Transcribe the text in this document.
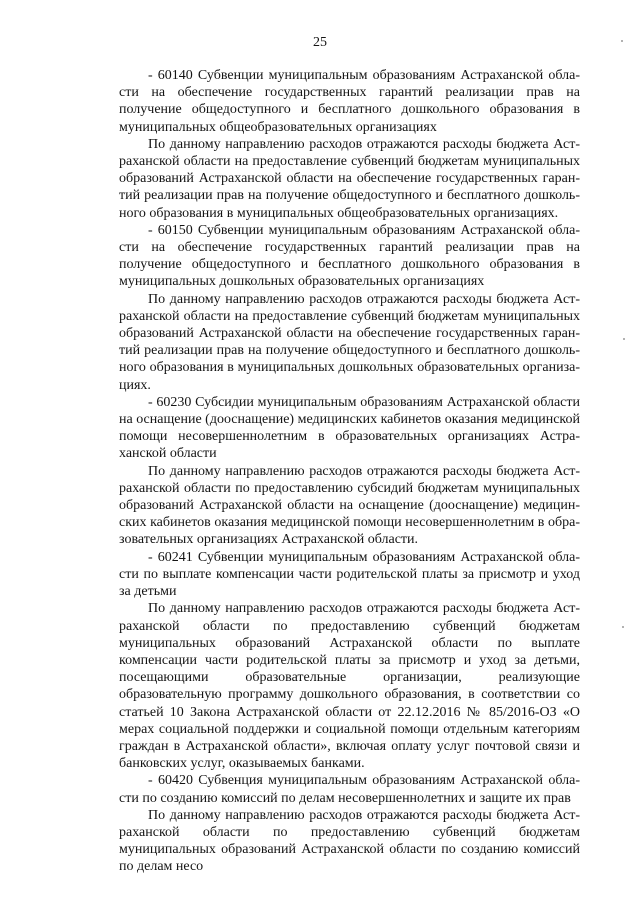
25

- 60140 Субвенции муниципальным образованиям Астраханской области на обеспечение государственных гарантий реализации прав на получение общедоступного и бесплатного дошкольного образования в муниципальных общеобразовательных организациях

По данному направлению расходов отражаются расходы бюджета Астраханской области на предоставление субвенций бюджетам муниципальных образований Астраханской области на обеспечение государственных гарантий реализации прав на получение общедоступного и бесплатного дошкольного образования в муниципальных общеобразовательных организациях.

- 60150 Субвенции муниципальным образованиям Астраханской области на обеспечение государственных гарантий реализации прав на получение общедоступного и бесплатного дошкольного образования в муниципальных дошкольных образовательных организациях

По данному направлению расходов отражаются расходы бюджета Астраханской области на предоставление субвенций бюджетам муниципальных образований Астраханской области на обеспечение государственных гарантий реализации прав на получение общедоступного и бесплатного дошкольного образования в муниципальных дошкольных образовательных организациях.

- 60230 Субсидии муниципальным образованиям Астраханской области на оснащение (дооснащение) медицинских кабинетов оказания медицинской помощи несовершеннолетним в образовательных организациях Астраханской области

По данному направлению расходов отражаются расходы бюджета Астраханской области по предоставлению субсидий бюджетам муниципальных образований Астраханской области на оснащение (дооснащение) медицинских кабинетов оказания медицинской помощи несовершеннолетним в образовательных организациях Астраханской области.

- 60241 Субвенции муниципальным образованиям Астраханской области по выплате компенсации части родительской платы за присмотр и уход за детьми

По данному направлению расходов отражаются расходы бюджета Астраханской области по предоставлению субвенций бюджетам муниципальных образований Астраханской области по выплате компенсации части родительской платы за присмотр и уход за детьми, посещающими образовательные организации, реализующие образовательную программу дошкольного образования, в соответствии со статьей 10 Закона Астраханской области от 22.12.2016 № 85/2016-ОЗ «О мерах социальной поддержки и социальной помощи отдельным категориям граждан в Астраханской области», включая оплату услуг почтовой связи и банковских услуг, оказываемых банками.

- 60420 Субвенция муниципальным образованиям Астраханской области по созданию комиссий по делам несовершеннолетних и защите их прав

По данному направлению расходов отражаются расходы бюджета Астраханской области по предоставлению субвенций бюджетам муниципальных образований Астраханской области по созданию комиссий по делам несо
